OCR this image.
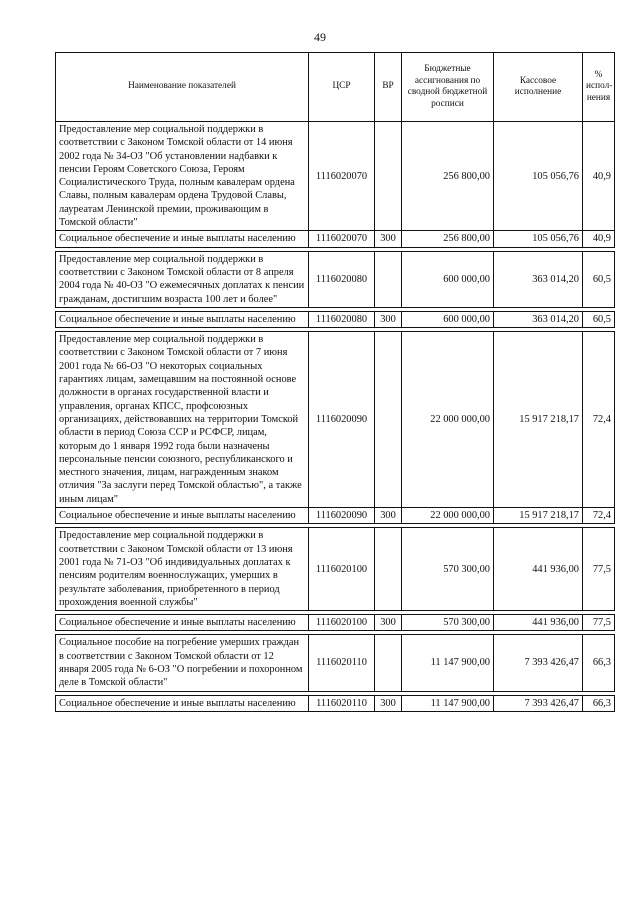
49
Наименование показателей	ЦСР	ВР	Бюджетные ассигнования по сводной бюджетной росписи	Кассовое исполнение	% испол-нения
Предоставление мер социальной поддержки в соответствии с Законом Томской области от 14 июня 2002 года № 34-ОЗ "Об установлении надбавки к пенсии Героям Советского Союза, Героям Социалистического Труда, полным кавалерам ордена Славы, полным кавалерам ордена Трудовой Славы, лауреатам Ленинской премии, проживающим в Томской области"	1116020070		256 800,00	105 056,76	40,9
Социальное обеспечение и иные выплаты населению	1116020070	300	256 800,00	105 056,76	40,9

Предоставление мер социальной поддержки в соответствии с Законом Томской области от 8 апреля 2004 года № 40-ОЗ "О ежемесячных доплатах к пенсии гражданам, достигшим возраста 100 лет и более"	1116020080		600 000,00	363 014,20	60,5

Социальное обеспечение и иные выплаты населению	1116020080	300	600 000,00	363 014,20	60,5

Предоставление мер социальной поддержки в соответствии с Законом Томской области от 7 июня 2001 года № 66-ОЗ "О некоторых социальных гарантиях лицам, замещавшим на постоянной основе должности в органах государственной власти и управления, органах КПСС, профсоюзных организациях, действовавших на территории Томской области в период Союза ССР и РСФСР, лицам, которым до 1 января 1992 года были назначены персональные пенсии союзного, республиканского и местного значения, лицам, награжденным знаком отличия "За заслуги перед Томской областью", а также иным лицам"	1116020090		22 000 000,00	15 917 218,17	72,4
Социальное обеспечение и иные выплаты населению	1116020090	300	22 000 000,00	15 917 218,17	72,4

Предоставление мер социальной поддержки в соответствии с Законом Томской области от 13 июня 2001 года № 71-ОЗ "Об индивидуальных доплатах к пенсиям родителям военнослужащих, умерших в результате заболевания, приобретенного в период прохождения военной службы"	1116020100		570 300,00	441 936,00	77,5

Социальное обеспечение и иные выплаты населению	1116020100	300	570 300,00	441 936,00	77,5

Социальное пособие на погребение умерших граждан в соответствии с Законом Томской области от 12 января 2005 года № 6-ОЗ "О погребении и похоронном деле в Томской области"	1116020110		11 147 900,00	7 393 426,47	66,3

Социальное обеспечение и иные выплаты населению	1116020110	300	11 147 900,00	7 393 426,47	66,3
